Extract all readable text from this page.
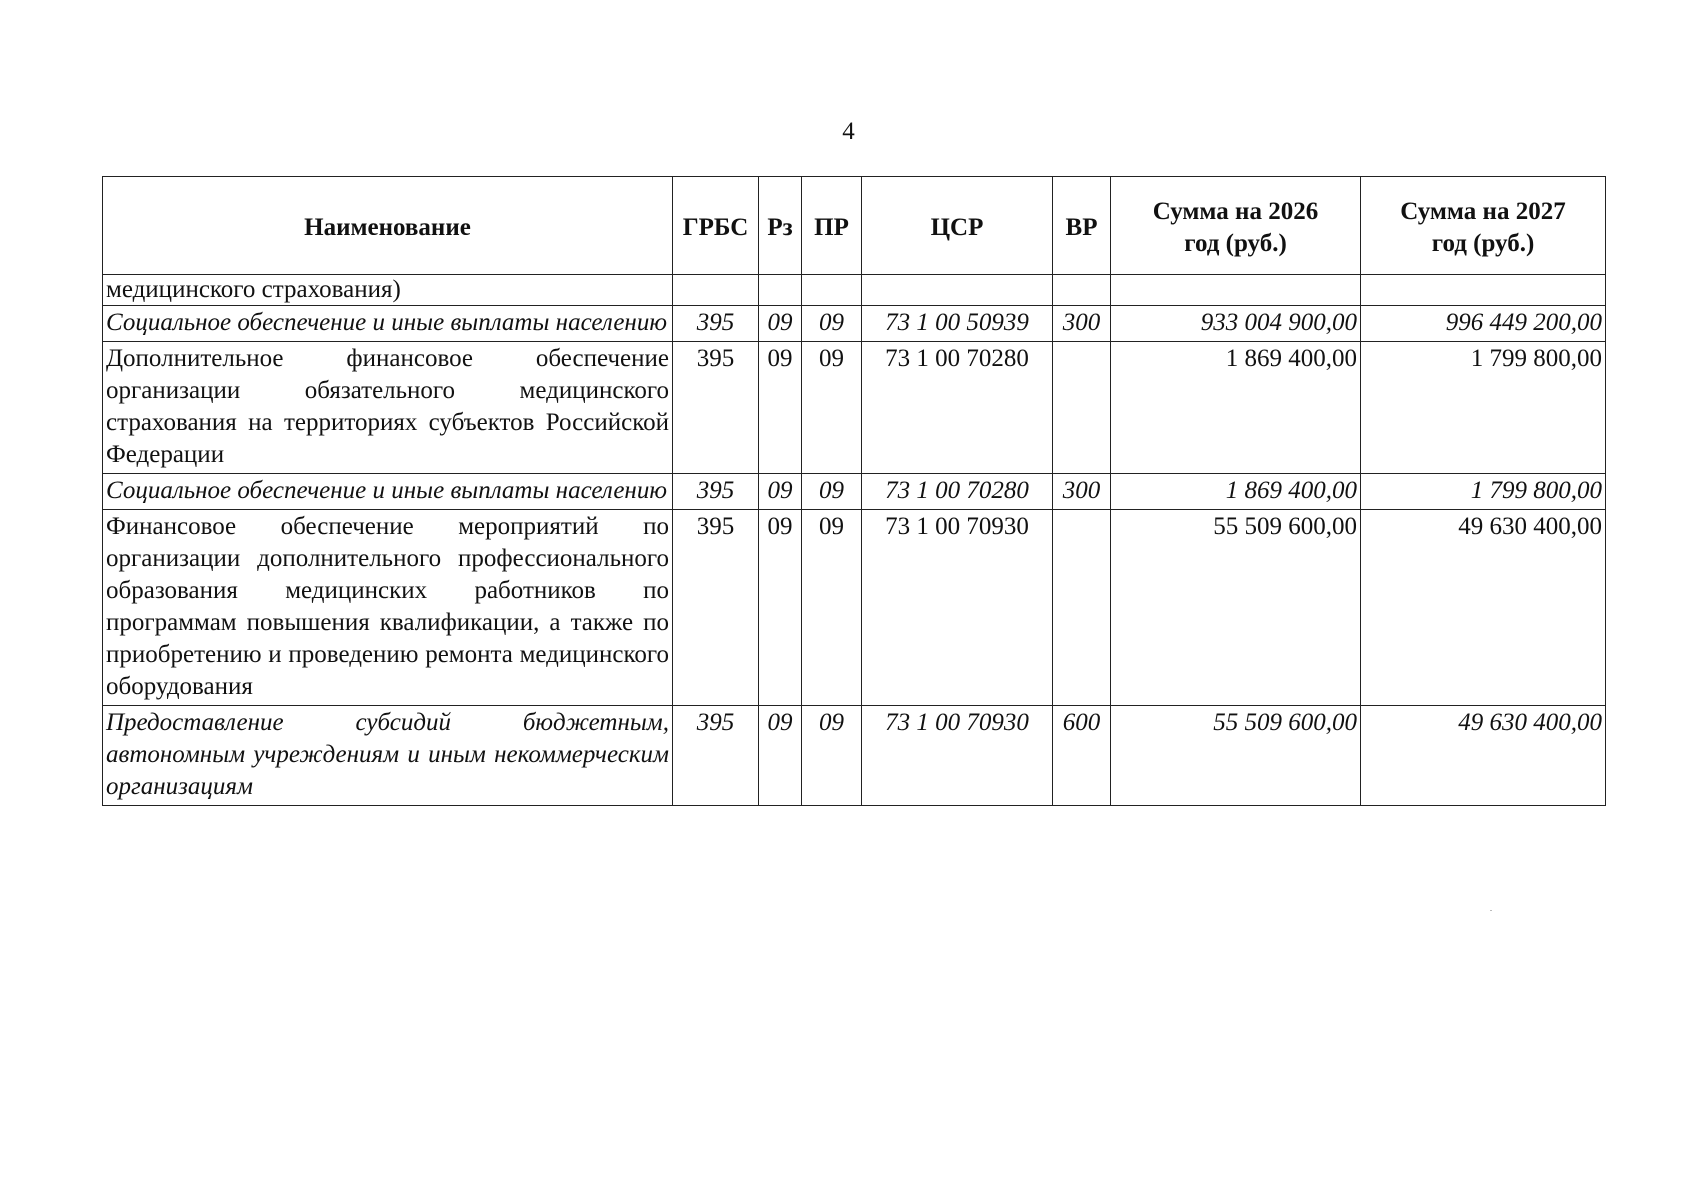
4
Наименование	ГРБС	Рз	ПР	ЦСР	ВР	Сумма на 2026 год (руб.)	Сумма на 2027 год (руб.)
медицинского страхования)							
Социальное обеспечение и иные выплаты населению	395	09	09	73 1 00 50939	300	933 004 900,00	996 449 200,00
Дополнительное финансовое обеспечение организации обязательного медицинского страхования на территориях субъектов Российской Федерации	395	09	09	73 1 00 70280		1 869 400,00	1 799 800,00
Социальное обеспечение и иные выплаты населению	395	09	09	73 1 00 70280	300	1 869 400,00	1 799 800,00
Финансовое обеспечение мероприятий по организации дополнительного профессионального образования медицинских работников по программам повышения квалификации, а также по приобретению и проведению ремонта медицинского оборудования	395	09	09	73 1 00 70930		55 509 600,00	49 630 400,00
Предоставление субсидий бюджетным, автономным учреждениям и иным некоммерческим организациям	395	09	09	73 1 00 70930	600	55 509 600,00	49 630 400,00
